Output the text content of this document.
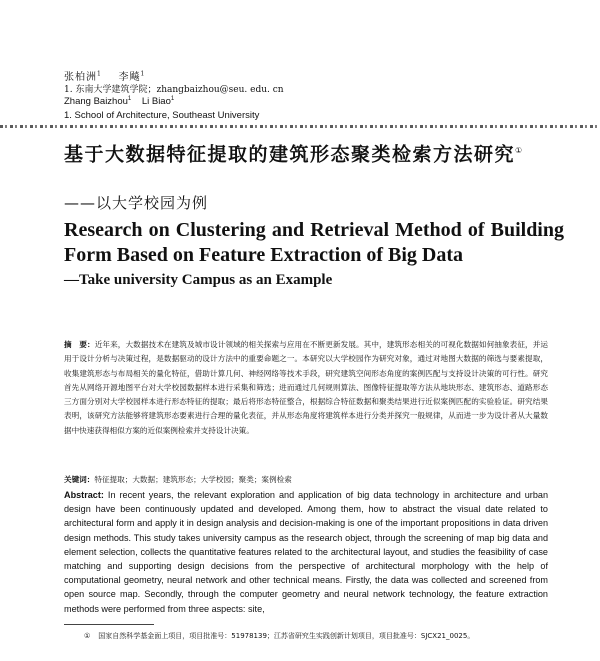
张柏洲$^1$ 李飚$^1$
1. 东南大学建筑学院；zhangbaizhou@seu. edu. cn
Zhang Baizhou$^1$ Li Biao$^1$
1. School of Architecture, Southeast University
基于大数据特征提取的建筑形态聚类检索方法研究①
——以大学校园为例
Research on Clustering and Retrieval Method of Building Form Based on Feature Extraction of Big Data
—Take university Campus as an Example
摘　要：近年来，大数据技术在建筑及城市设计领域的相关探索与应用在不断更新发展。其中，建筑形态相关的可视化数据如何抽象表征，并运用于设计分析与决策过程，是数据驱动的设计方法中的重要命题之一。本研究以大学校园作为研究对象，通过对地图大数据的筛选与要素提取，收集建筑形态与布局相关的量化特征，借助计算几何、神经网络等技术手段，研究建筑空间形态角度的案例匹配与支持设计决策的可行性。研究首先从网络开源地图平台对大学校园数据样本进行采集和筛选；进而通过几何规则算法、图像特征提取等方法从地块形态、建筑形态、道路形态三方面分别对大学校园样本进行形态特征的提取；最后将形态特征整合，根据综合特征数据和聚类结果进行近似案例匹配的实验验证。研究结果表明，该研究方法能够将建筑形态要素进行合理的量化表征，并从形态角度将建筑样本进行分类并探究一般规律，从而进一步为设计者从大量数据中快速获得相似方案的近似案例检索并支持设计决策。
关键词：特征提取；大数据；建筑形态；大学校园；聚类；案例检索
Abstract: In recent years, the relevant exploration and application of big data technology in architecture and urban design have been continuously updated and developed. Among them, how to abstract the visual date related to architectural form and apply it in design analysis and decision-making is one of the important propositions in data driven design methods. This study takes university campus as the research object, through the screening of map big data and element selection, collects the quantitative features related to the architectural layout, and studies the feasibility of case matching and supporting design decisions from the perspective of architectural morphology with the help of computational geometry, neural network and other technical means. Firstly, the data was collected and screened from open source map. Secondly, through the computer geometry and neural network technology, the feature extraction methods were performed from three aspects: site,
① 国家自然科学基金面上项目，项目批准号：51978139；江苏省研究生实践创新计划项目，项目批准号：SJCX21_0025。
